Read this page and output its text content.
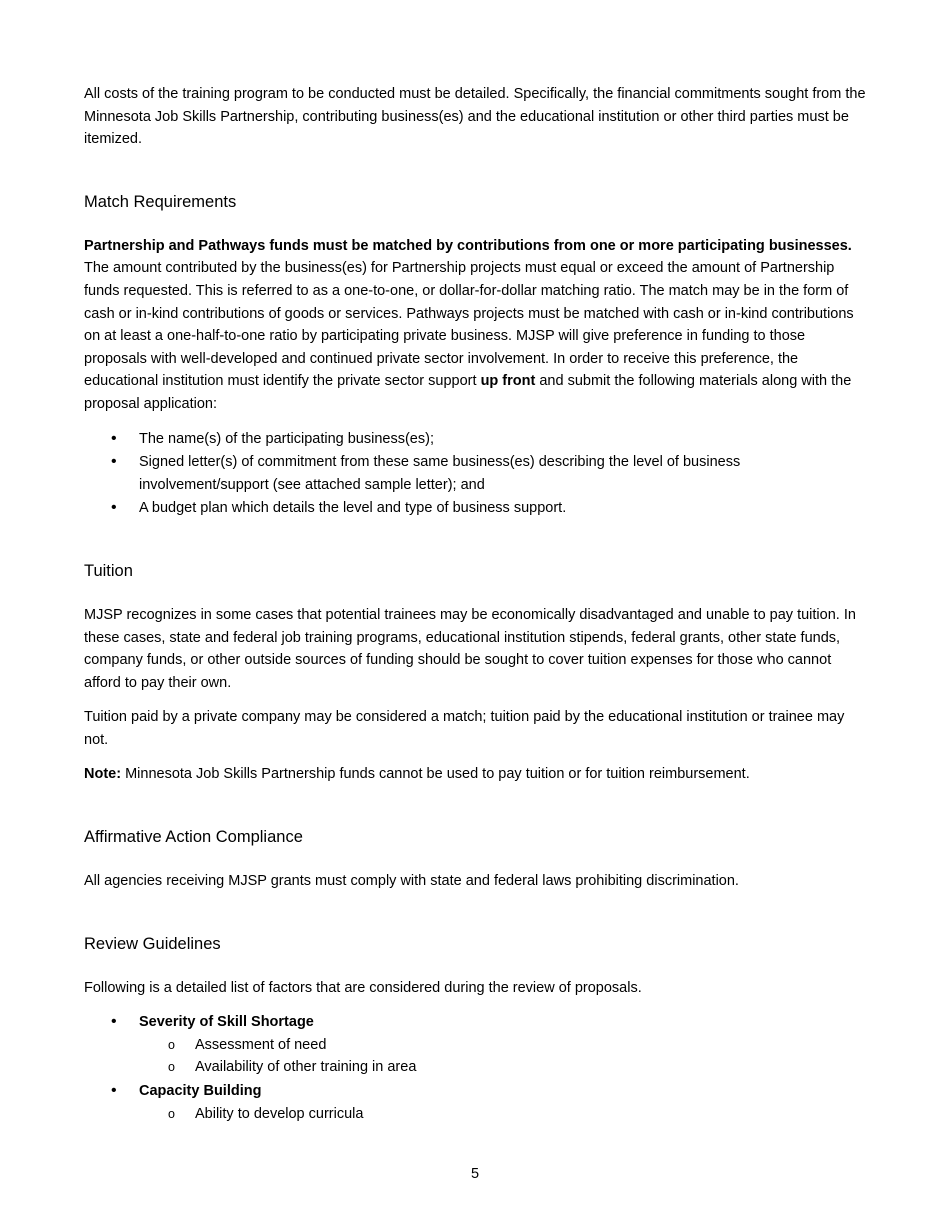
All costs of the training program to be conducted must be detailed. Specifically, the financial commitments sought from the Minnesota Job Skills Partnership, contributing business(es) and the educational institution or other third parties must be itemized.

Match Requirements

Partnership and Pathways funds must be matched by contributions from one or more participating businesses. The amount contributed by the business(es) for Partnership projects must equal or exceed the amount of Partnership funds requested. This is referred to as a one-to-one, or dollar-for-dollar matching ratio. The match may be in the form of cash or in-kind contributions of goods or services. Pathways projects must be matched with cash or in-kind contributions on at least a one-half-to-one ratio by participating private business. MJSP will give preference in funding to those proposals with well-developed and continued private sector involvement. In order to receive this preference, the educational institution must identify the private sector support up front and submit the following materials along with the proposal application:

• The name(s) of the participating business(es);
• Signed letter(s) of commitment from these same business(es) describing the level of business involvement/support (see attached sample letter); and
• A budget plan which details the level and type of business support.
Tuition

MJSP recognizes in some cases that potential trainees may be economically disadvantaged and unable to pay tuition. In these cases, state and federal job training programs, educational institution stipends, federal grants, other state funds, company funds, or other outside sources of funding should be sought to cover tuition expenses for those who cannot afford to pay their own.

Tuition paid by a private company may be considered a match; tuition paid by the educational institution or trainee may not.

Note: Minnesota Job Skills Partnership funds cannot be used to pay tuition or for tuition reimbursement.

Affirmative Action Compliance

All agencies receiving MJSP grants must comply with state and federal laws prohibiting discrimination.

Review Guidelines

Following is a detailed list of factors that are considered during the review of proposals.

• Severity of Skill Shortage
o Assessment of need
o Availability of other training in area
• Capacity Building
o Ability to develop curricula
5
